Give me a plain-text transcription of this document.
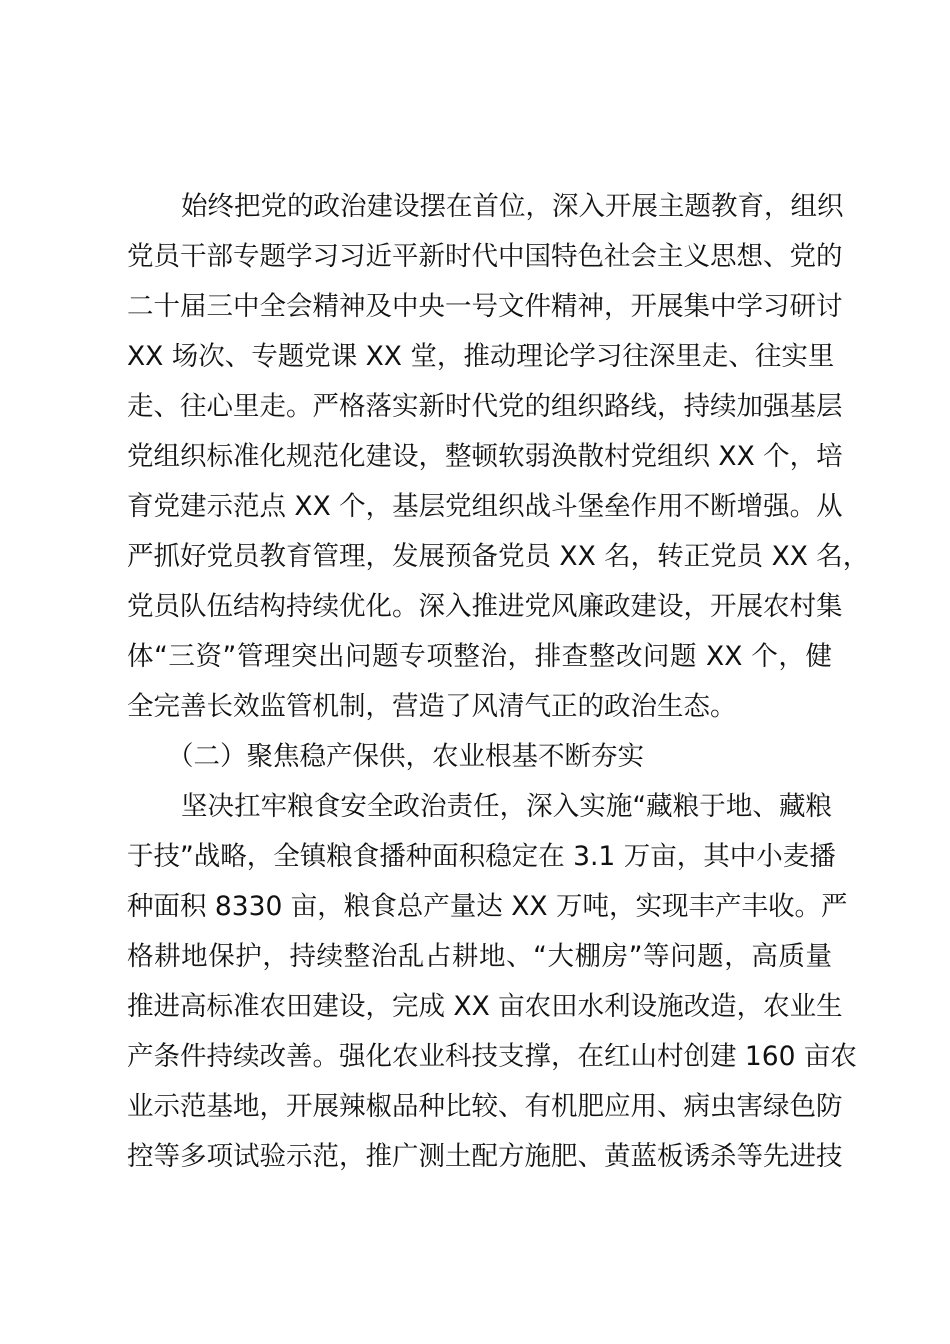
始终把党的政治建设摆在首位，深入开展主题教育，组织
党员干部专题学习习近平新时代中国特色社会主义思想、党的
二十届三中全会精神及中央一号文件精神，开展集中学习研讨
XX 场次、专题党课 XX 堂，推动理论学习往深里走、往实里
走、往心里走。严格落实新时代党的组织路线，持续加强基层
党组织标准化规范化建设，整顿软弱涣散村党组织 XX 个，培
育党建示范点 XX 个，基层党组织战斗堡垒作用不断增强。从
严抓好党员教育管理，发展预备党员 XX 名，转正党员 XX 名，
党员队伍结构持续优化。深入推进党风廉政建设，开展农村集
体“三资”管理突出问题专项整治，排查整改问题 XX 个，健
全完善长效监管机制，营造了风清气正的政治生态。
（二）聚焦稳产保供，农业根基不断夯实
坚决扛牢粮食安全政治责任，深入实施“藏粮于地、藏粮
于技”战略，全镇粮食播种面积稳定在 3.1 万亩，其中小麦播
种面积 8330 亩，粮食总产量达 XX 万吨，实现丰产丰收。严
格耕地保护，持续整治乱占耕地、“大棚房”等问题，高质量
推进高标准农田建设，完成 XX 亩农田水利设施改造，农业生
产条件持续改善。强化农业科技支撑，在红山村创建 160 亩农
业示范基地，开展辣椒品种比较、有机肥应用、病虫害绿色防
控等多项试验示范，推广测土配方施肥、黄蓝板诱杀等先进技
